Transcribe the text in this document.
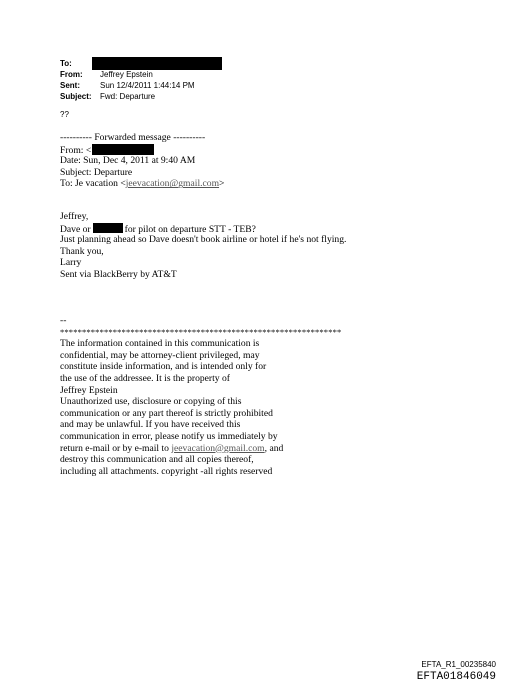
To:
From:	Jeffrey Epstein
Sent:	Sun 12/4/2011 1:44:14 PM
Subject:	Fwd: Departure
??
---------- Forwarded message ----------
From: <
Date: Sun, Dec 4, 2011 at 9:40 AM
Subject: Departure
To: Je vacation <jeevacation@gmail.com>
Jeffrey,
Dave or	for pilot on departure STT - TEB?
Just planning ahead so Dave doesn't book airline or hotel if he's not flying.
Thank you,
Larry
Sent via BlackBerry by AT&T
--
****************************************************************
The information contained in this communication is
confidential, may be attorney-client privileged, may
constitute inside information, and is intended only for
the use of the addressee. It is the property of
Jeffrey Epstein
Unauthorized use, disclosure or copying of this
communication or any part thereof is strictly prohibited
and may be unlawful. If you have received this
communication in error, please notify us immediately by
return e-mail or by e-mail to jeevacation@gmail.com, and
destroy this communication and all copies thereof,
including all attachments. copyright -all rights reserved
EFTA_R1_00235840
EFTA01846049
